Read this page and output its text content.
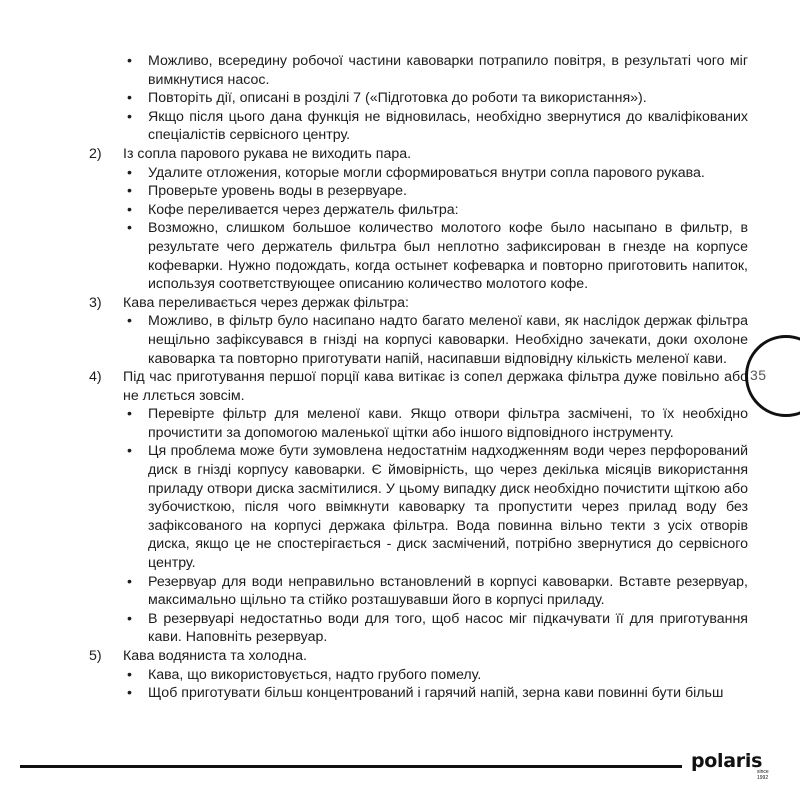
• Можливо, всередину робочої частини кавоварки потрапило повітря, в результаті чого міг вимкнутися насос.
• Повторіть дії, описані в розділі 7 («Підготовка до роботи та використання»).
• Якщо після цього дана функція не відновилась, необхідно звернутися до кваліфікованих спеціалістів сервісного центру.
2) Із сопла парового рукава не виходить пара.
• Удалите отложения, которые могли сформироваться внутри сопла парового рукава.
• Проверьте уровень воды в резервуаре.
• Кофе переливается через держатель фильтра:
• Возможно, слишком большое количество молотого кофе было насыпано в фильтр, в результате чего держатель фильтра был неплотно зафиксирован в гнезде на корпусе кофеварки. Нужно подождать, когда остынет кофеварка и повторно приготовить напиток, используя соответствующее описанию количество молотого кофе.
3) Кава переливається через держак фільтра:
• Можливо, в фільтр було насипано надто багато меленої кави, як наслідок держак фільтра нещільно зафіксувався в гнізді на корпусі кавоварки. Необхідно зачекати, доки охолоне кавоварка та повторно приготувати напій, насипавши відповідну кількість меленої кави.
4) Під час приготування першої порції кава витікає із сопел держака фільтра дуже повільно або не ллється зовсім.
• Перевірте фільтр для меленої кави. Якщо отвори фільтра засмічені, то їх необхідно прочистити за допомогою маленької щітки або іншого відповідного інструменту.
• Ця проблема може бути зумовлена недостатнім надходженням води через перфорований диск в гнізді корпусу кавоварки. Є ймовірність, що через декілька місяців використання приладу отвори диска засмітилися. У цьому випадку диск необхідно почистити щіткою або зубочисткою, після чого ввімкнути кавоварку та пропустити через прилад воду без зафіксованого на корпусі держака фільтра. Вода повинна вільно текти з усіх отворів диска, якщо це не спостерігається - диск засмічений, потрібно звернутися до сервісного центру.
• Резервуар для води неправильно встановлений в корпусі кавоварки. Вставте резервуар, максимально щільно та стійко розташувавши його в корпусі приладу.
• В резервуарі недостатньо води для того, щоб насос міг підкачувати її для приготування кави. Наповніть резервуар.
5) Кава водяниста та холодна.
• Кава, що використовується, надто грубого помелу.
• Щоб приготувати більш концентрований і гарячий напій, зерна кави повинні бути більш
35
polaris
since 1992
